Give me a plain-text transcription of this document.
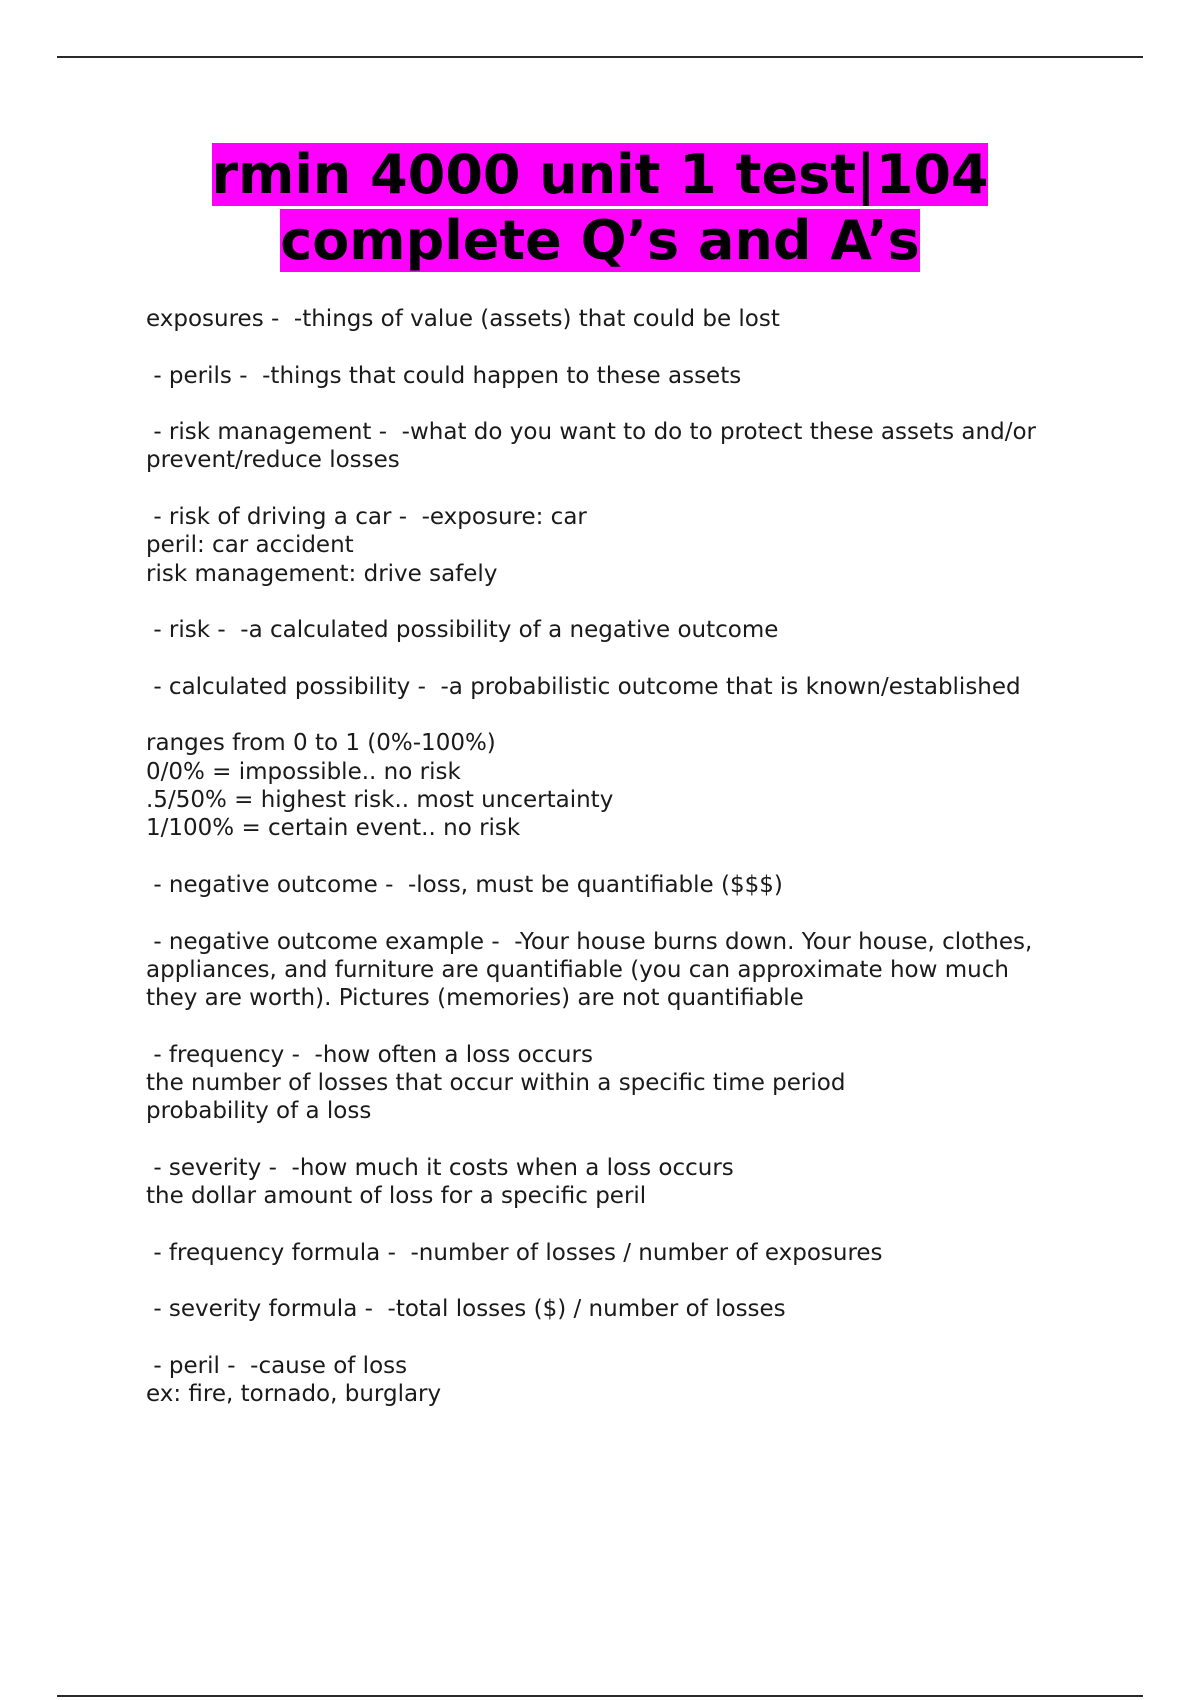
rmin 4000 unit 1 test|104
complete Q’s and A’s
exposures -  -things of value (assets) that could be lost
- perils -  -things that could happen to these assets
- risk management -  -what do you want to do to protect these assets and/or
prevent/reduce losses
- risk of driving a car -  -exposure: car
peril: car accident
risk management: drive safely
- risk -  -a calculated possibility of a negative outcome
- calculated possibility -  -a probabilistic outcome that is known/established
ranges from 0 to 1 (0%-100%)
0/0% = impossible.. no risk
.5/50% = highest risk.. most uncertainty
1/100% = certain event.. no risk
- negative outcome -  -loss, must be quantifiable ($$$)
- negative outcome example -  -Your house burns down. Your house, clothes,
appliances, and furniture are quantifiable (you can approximate how much
they are worth). Pictures (memories) are not quantifiable
- frequency -  -how often a loss occurs
the number of losses that occur within a specific time period
probability of a loss
- severity -  -how much it costs when a loss occurs
the dollar amount of loss for a specific peril
- frequency formula -  -number of losses / number of exposures
- severity formula -  -total losses ($) / number of losses
- peril -  -cause of loss
ex: fire, tornado, burglary
